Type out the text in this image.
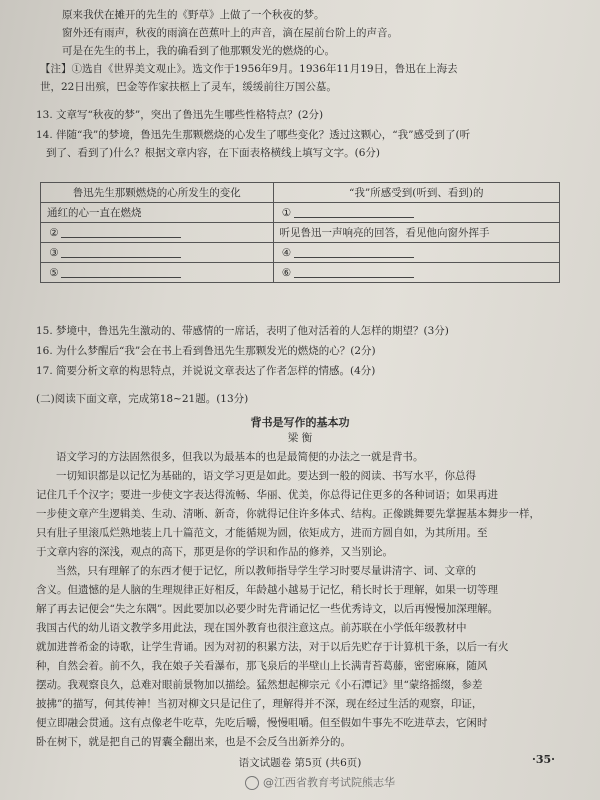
原来我伏在摊开的先生的《野草》上做了一个秋夜的梦。
窗外还有雨声，秋夜的雨滴在芭蕉叶上的声音，滴在屋前台阶上的声音。
可是在先生的书上，我的确看到了他那颗发光的燃烧的心。
【注】①选自《世界美文观止》。选文作于1956年9月。1936年11月19日，鲁迅在上海去
世，22日出殡，巴金等作家扶柩上了灵车，缓缓前往万国公墓。
13. 文章写“秋夜的梦”，突出了鲁迅先生哪些性格特点？(2分)
14. 伴随“我”的梦境，鲁迅先生那颗燃烧的心发生了哪些变化？透过这颗心，“我”感受到了(听
到了、看到了)什么？根据文章内容，在下面表格横线上填写文字。(6分)
鲁迅先生那颗燃烧的心所发生的变化	“我”所感受到(听到、看到)的
通红的心一直在燃烧	①
②	听见鲁迅一声响亮的回答，看见他向窗外挥手
③	④
⑤	⑥
15. 梦境中，鲁迅先生激动的、带感情的一席话，表明了他对活着的人怎样的期望？(3分)
16. 为什么梦醒后“我”会在书上看到鲁迅先生那颗发光的燃烧的心？(2分)
17. 简要分析文章的构思特点，并说说文章表达了作者怎样的情感。(4分)
(二)阅读下面文章，完成第18~21题。(13分)
背书是写作的基本功
梁 衡
语文学习的方法固然很多，但我以为最基本的也是最简便的办法之一就是背书。
一切知识都是以记忆为基础的，语文学习更是如此。要达到一般的阅读、书写水平，你总得
记住几千个汉字；要进一步使文字表达得流畅、华丽、优美，你总得记住更多的各种词语；如果再进
一步使文章产生逻辑美、生动、清晰、新奇，你就得记住许多体式、结构。正像跳舞要先掌握基本舞步一样，
只有肚子里滚瓜烂熟地装上几十篇范文，才能循规为圆，依矩成方，进而方圆自如，为其所用。至
于文章内容的深浅，观点的高下，那更是你的学识和作品的修养，又当别论。
当然，只有理解了的东西才便于记忆，所以教师指导学生学习时要尽量讲清字、词、文章的
含义。但遗憾的是人脑的生理规律正好相反，年龄越小越易于记忆，稍长时长于理解，如果一切等理
解了再去记便会“失之东隅”。因此要加以必要少时先背诵记忆一些优秀诗文，以后再慢慢加深理解。
我国古代的幼儿语文教学多用此法，现在国外教育也很注意这点。前苏联在小学低年级教材中
就加进普希金的诗歌，让学生背诵。因为对初的积累方法，对于以后先贮存于计算机干条，以后一有火
种，自然会着。前不久，我在娘子关看瀑布，那飞泉后的半壁山上长满青苔葛藤，密密麻麻，随风
摆动。我观察良久，总难对眼前景物加以描绘。猛然想起柳宗元《小石潭记》里“蒙络摇缀，参差
披拂”的描写，何其传神！当初对柳文只是记住了，理解得并不深，现在经过生活的观察，印证，
便立即融会贯通。这有点像老牛吃草，先吃后嚼，慢慢咀嚼。但至假如牛事先不吃进草去，它闲时
卧在树下，就是把自己的胃囊全翻出来，也是不会反刍出新养分的。
语文试题卷 第5页 (共6页)	·35·
@江西省教育考试院熊志华
